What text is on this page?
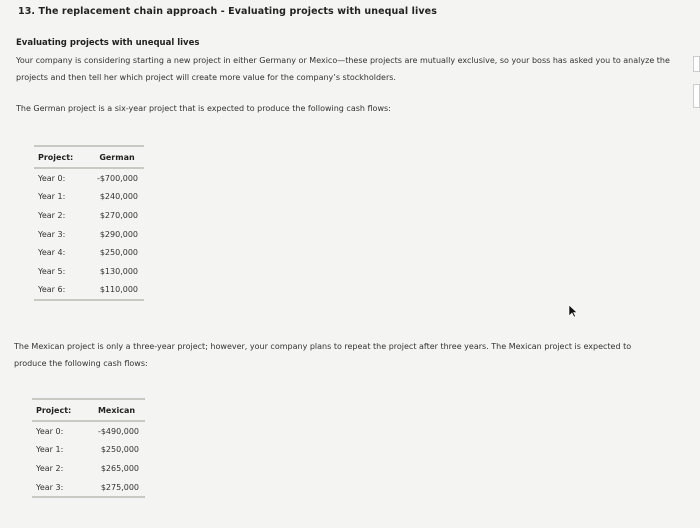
13. The replacement chain approach - Evaluating projects with unequal lives
Evaluating projects with unequal lives
Your company is considering starting a new project in either Germany or Mexico—these projects are mutually exclusive, so your boss has asked you to analyze the projects and then tell her which project will create more value for the company’s stockholders.
The German project is a six-year project that is expected to produce the following cash flows:
Project:	German
Year 0:	-$700,000
Year 1:	$240,000
Year 2:	$270,000
Year 3:	$290,000
Year 4:	$250,000
Year 5:	$130,000
Year 6:	$110,000
The Mexican project is only a three-year project; however, your company plans to repeat the project after three years. The Mexican project is expected to produce the following cash flows:
Project:	Mexican
Year 0:	-$490,000
Year 1:	$250,000
Year 2:	$265,000
Year 3:	$275,000
